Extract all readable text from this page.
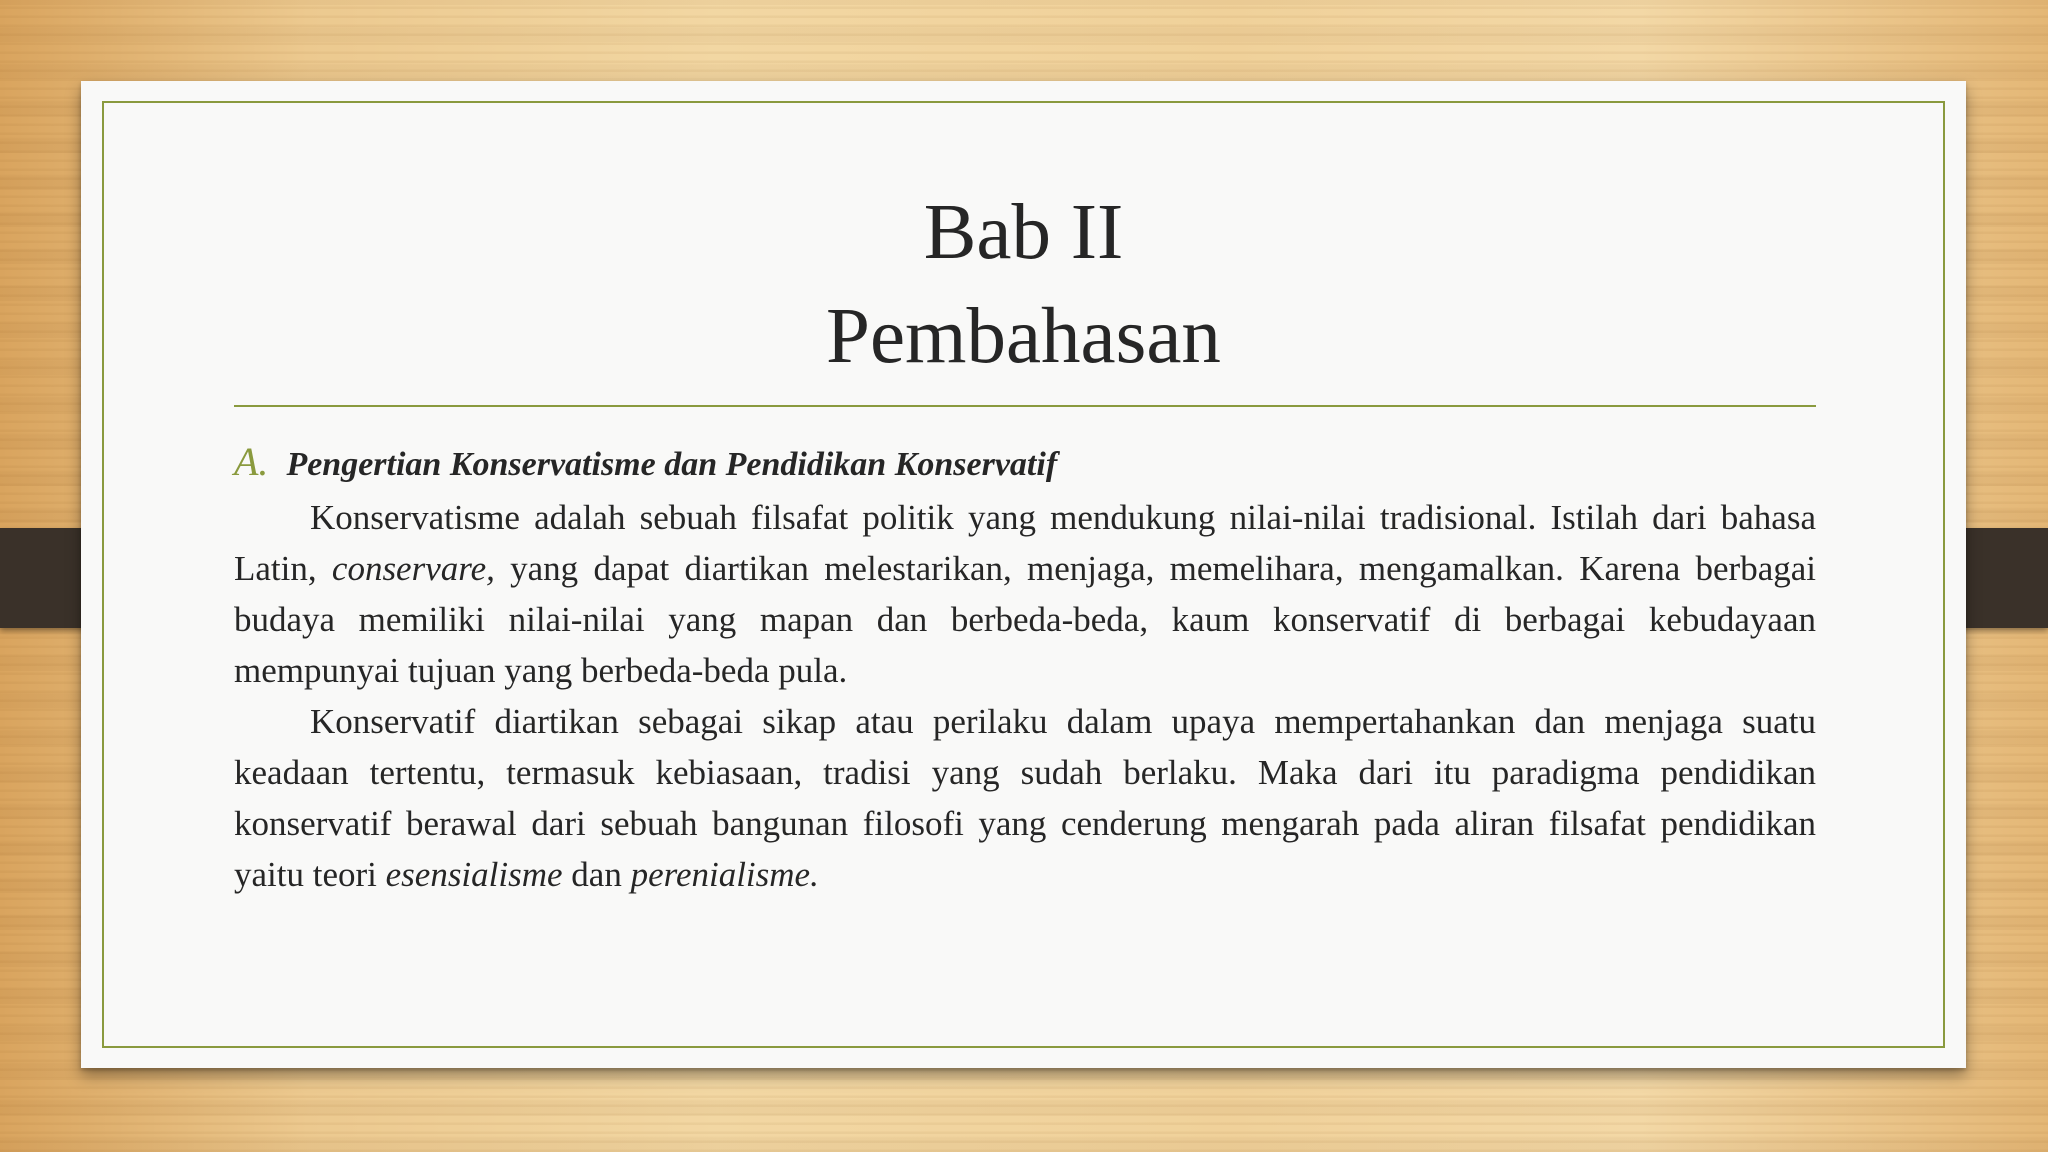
Bab II
Pembahasan
A. Pengertian Konservatisme dan Pendidikan Konservatif

Konservatisme adalah sebuah filsafat politik yang mendukung nilai-nilai tradisional. Istilah dari bahasa Latin, conservare, yang dapat diartikan melestarikan, menjaga, memelihara, mengamalkan. Karena berbagai budaya memiliki nilai-nilai yang mapan dan berbeda-beda, kaum konservatif di berbagai kebudayaan mempunyai tujuan yang berbeda-beda pula.

Konservatif diartikan sebagai sikap atau perilaku dalam upaya mempertahankan dan menjaga suatu keadaan tertentu, termasuk kebiasaan, tradisi yang sudah berlaku. Maka dari itu paradigma pendidikan konservatif berawal dari sebuah bangunan filosofi yang cenderung mengarah pada aliran filsafat pendidikan yaitu teori esensialisme dan perenialisme.
